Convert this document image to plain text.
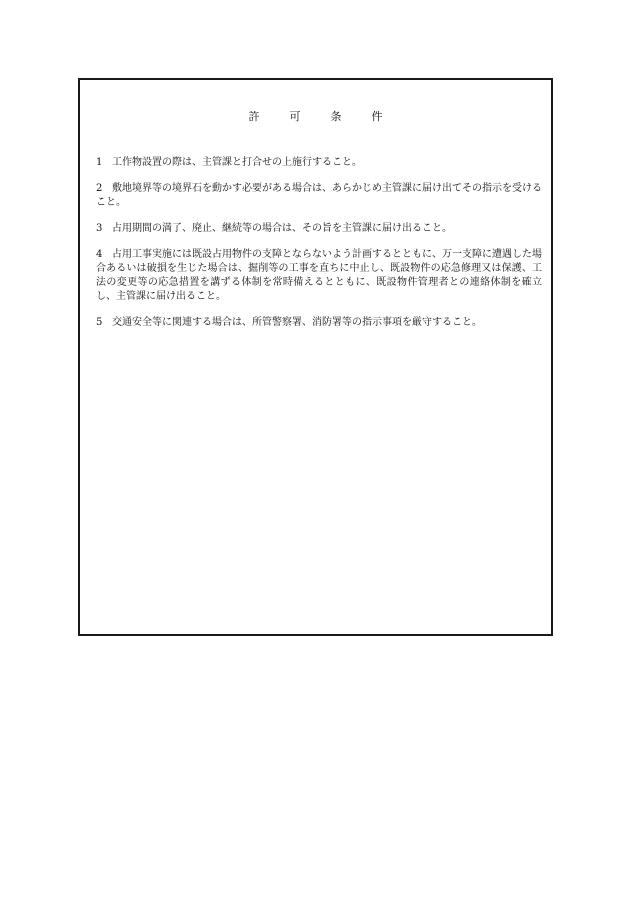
許	可	条	件
1 工作物設置の際は、主管課と打合せの上施行すること。
2 敷地境界等の境界石を動かす必要がある場合は、あらかじめ主管課に届け出てその指示を受けること。
3 占用期間の満了、廃止、継続等の場合は、その旨を主管課に届け出ること。
4 占用工事実施には既設占用物件の支障とならないよう計画するとともに、万一支障に遭遇した場合あるいは破損を生じた場合は、掘削等の工事を直ちに中止し、既設物件の応急修理又は保護、工法の変更等の応急措置を講ずる体制を常時備えるとともに、既設物件管理者との連絡体制を確立し、主管課に届け出ること。
5 交通安全等に関連する場合は、所管警察署、消防署等の指示事項を厳守すること。
